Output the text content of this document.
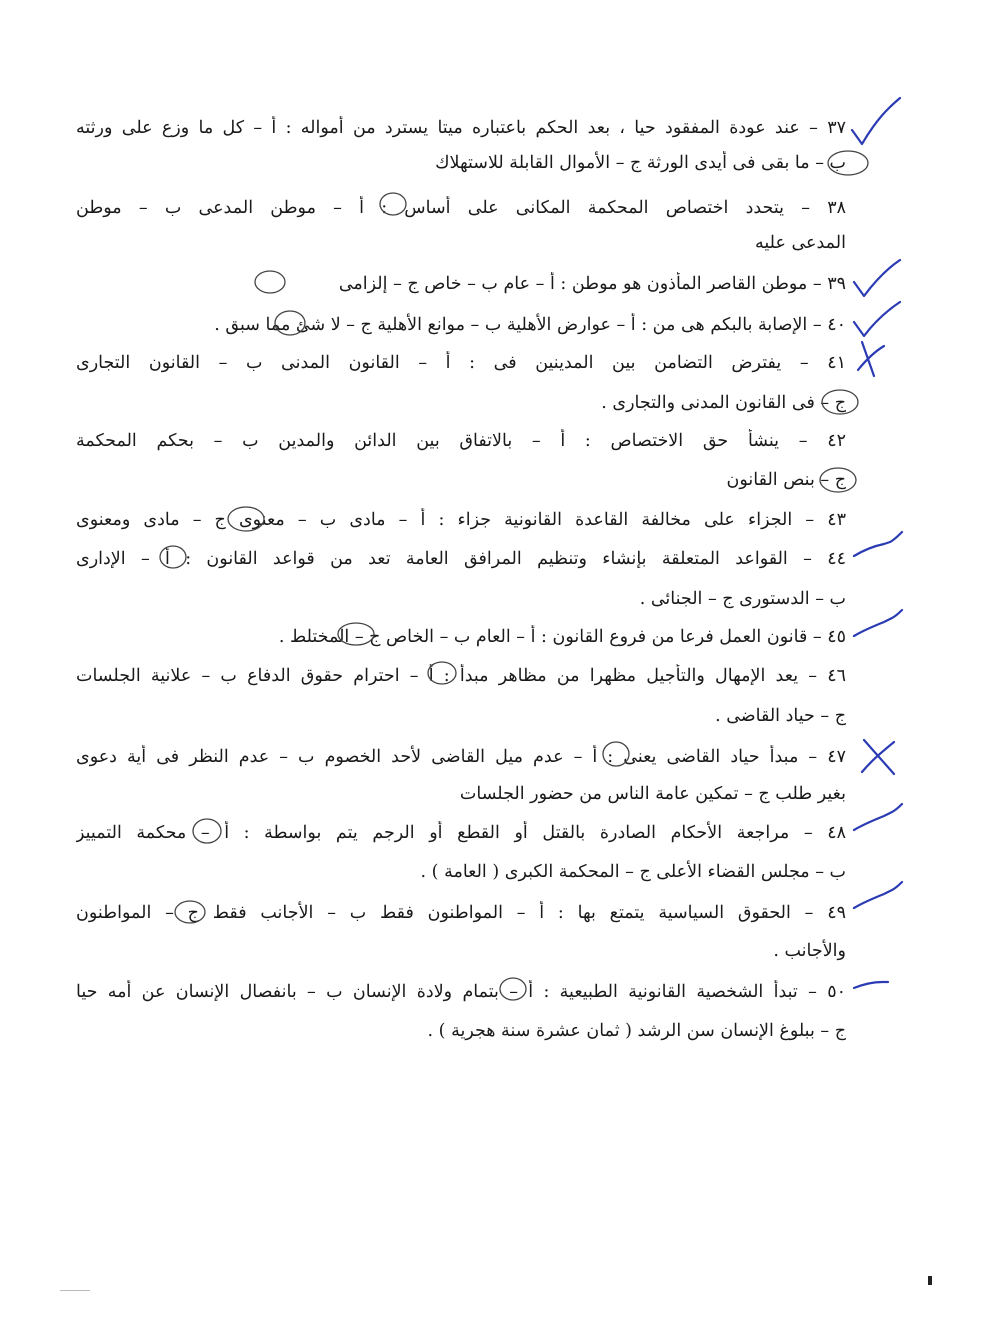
٣٧ – عند عودة المفقود حيا ، بعد الحكم باعتباره ميتا يسترد من أمواله : أ – كل ما وزع على ورثته
ب – ما بقى فى أيدى الورثة ج – الأموال القابلة للاستهلاك
٣٨ – يتحدد اختصاص المحكمة المكانى على أساس : أ – موطن المدعى ب – موطن
المدعى عليه
٣٩ – موطن القاصر المأذون هو موطن : أ – عام ب – خاص ج – إلزامى
٤٠ – الإصابة بالبكم هى من : أ – عوارض الأهلية ب – موانع الأهلية ج – لا شئ مما سبق .
٤١ – يفترض التضامن بين المدينين فى : أ – القانون المدنى ب – القانون التجارى
ج – فى القانون المدنى والتجارى .
٤٢ – ينشأ حق الاختصاص : أ – بالاتفاق بين الدائن والمدين ب – بحكم المحكمة
ج – بنص القانون
٤٣ – الجزاء على مخالفة القاعدة القانونية جزاء : أ – مادى ب – معنوى ج – مادى ومعنوى
٤٤ – القواعد المتعلقة بإنشاء وتنظيم المرافق العامة تعد من قواعد القانون : أ – الإدارى
ب – الدستورى ج – الجنائى .
٤٥ – قانون العمل فرعا من فروع القانون : أ – العام ب – الخاص ج – المختلط .
٤٦ – يعد الإمهال والتأجيل مظهرا من مظاهر مبدأ : أ – احترام حقوق الدفاع ب – علانية الجلسات
ج – حياد القاضى .
٤٧ – مبدأ حياد القاضى يعنى : أ – عدم ميل القاضى لأحد الخصوم ب – عدم النظر فى أية دعوى
بغير طلب ج – تمكين عامة الناس من حضور الجلسات
٤٨ – مراجعة الأحكام الصادرة بالقتل أو القطع أو الرجم يتم بواسطة : أ – محكمة التمييز
ب – مجلس القضاء الأعلى ج – المحكمة الكبرى ( العامة ) .
٤٩ – الحقوق السياسية يتمتع بها : أ – المواطنون فقط ب – الأجانب فقط ج – المواطنون
والأجانب .
٥٠ – تبدأ الشخصية القانونية الطبيعية : أ – بتمام ولادة الإنسان ب – بانفصال الإنسان عن أمه حيا
ج – ببلوغ الإنسان سن الرشد ( ثمان عشرة سنة هجرية ) .
